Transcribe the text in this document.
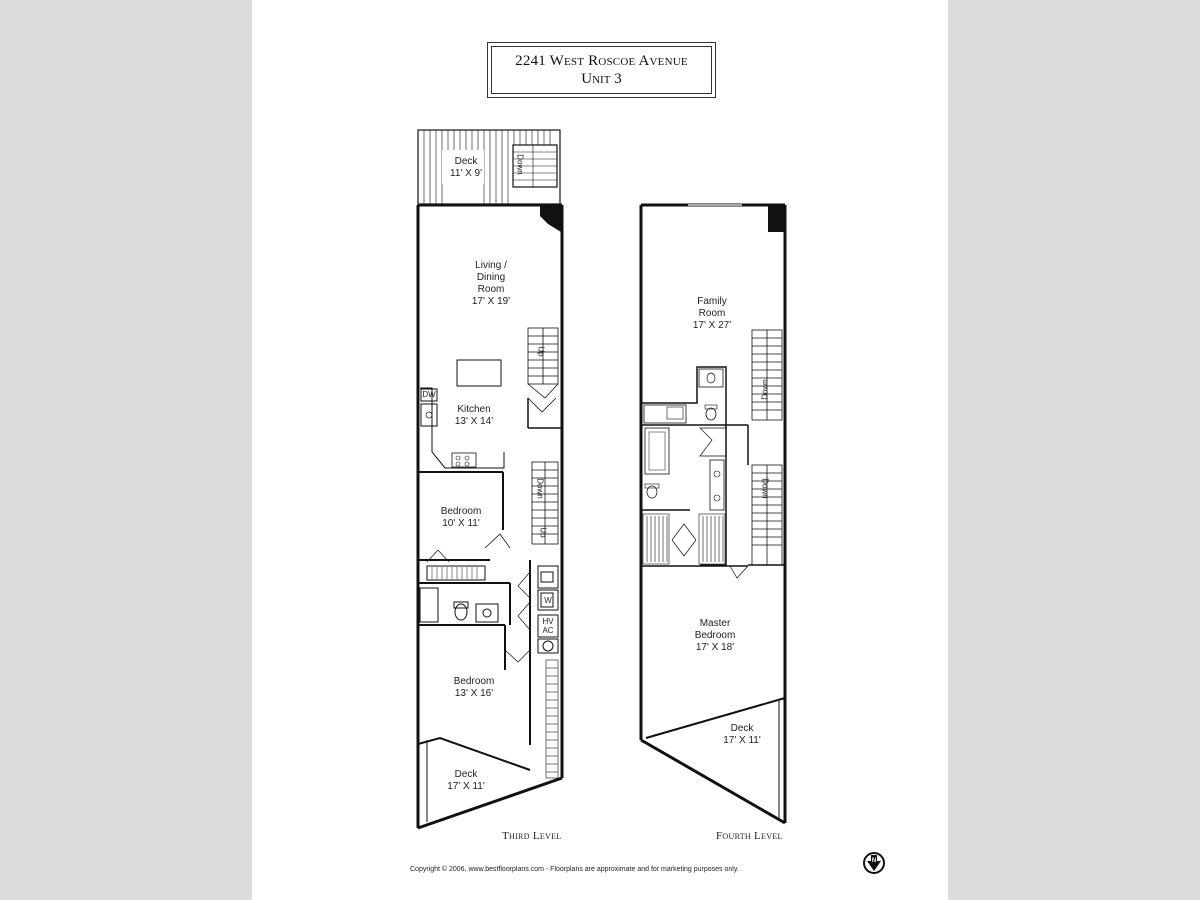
2241 West Roscoe Avenue
Unit 3
Deck
11' X 9'
Living /
Dining
Room
17' X 19'
Kitchen
13' X 14'
Bedroom
10' X 11'
Bedroom
13' X 16'
Deck
17' X 11'
Down
Up
Down
Up
DW
W
HV
AC
Third Level
Family
Room
17' X 27'
Master
Bedroom
17' X 18'
Deck
17' X 11'
Down
Down
Fourth Level
Copyright © 2006, www.bestfloorplans.com - Floorplans are approximate and for marketing purposes only.
N
